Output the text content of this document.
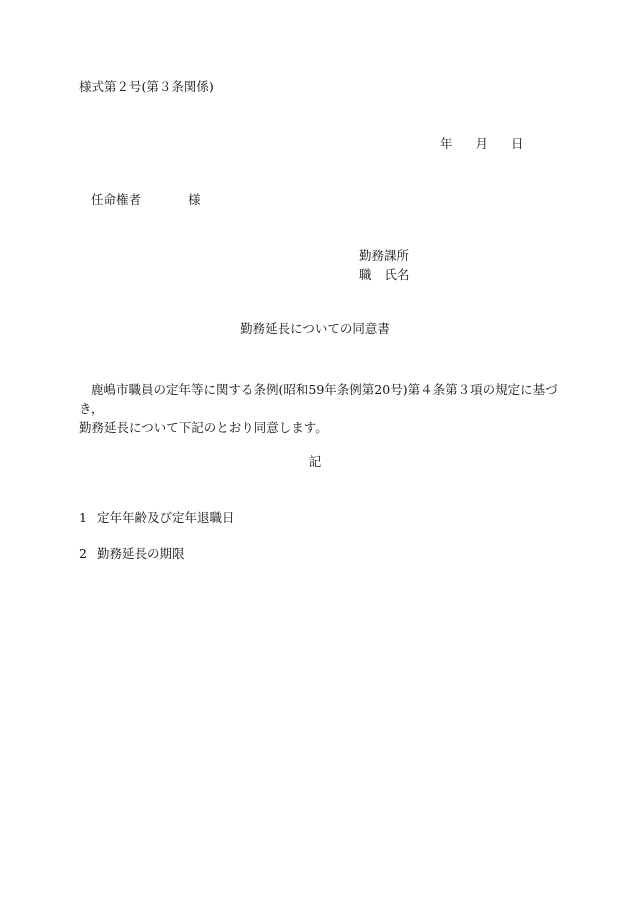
様式第２号(第３条関係)
年 月 日
任命権者	様
勤務課所
職 氏名
勤務延長についての同意書
鹿嶋市職員の定年等に関する条例(昭和59年条例第20号)第４条第３項の規定に基づき，
勤務延長について下記のとおり同意します。
記
1 定年年齢及び定年退職日
2 勤務延長の期限
